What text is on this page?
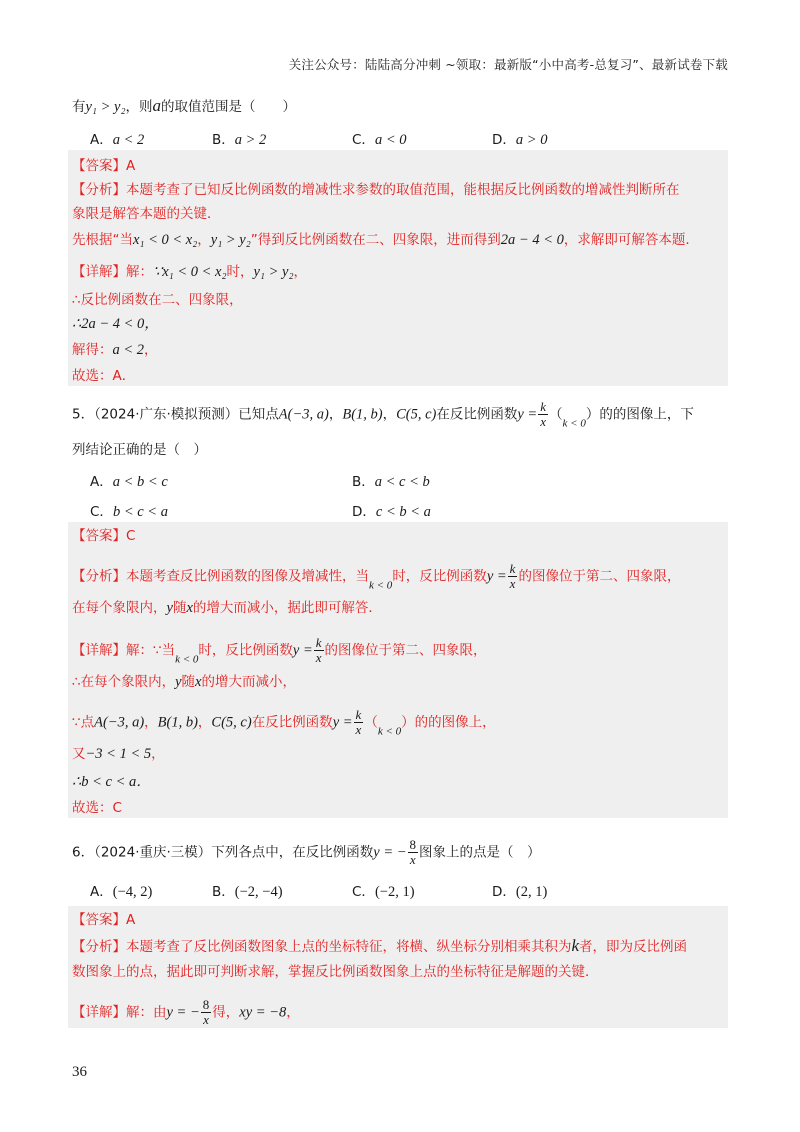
关注公众号：陆陆高分冲刺 ~领取：最新版“小中高考-总复习”、最新试卷下载
有y₁ > y₂，则a的取值范围是（　　）
A．a < 2	B．a > 2	C．a < 0	D．a > 0
【答案】A
【分析】本题考查了已知反比例函数的增减性求参数的取值范围，能根据反比例函数的增减性判断所在
象限是解答本题的关键．
先根据“当x₁ < 0 < x₂，y₁ > y₂”得到反比例函数在二、四象限，进而得到2a − 4 < 0，求解即可解答本题．
【详解】解：∵x₁ < 0 < x₂时，y₁ > y₂，
∴反比例函数在二、四象限，
∴2a − 4 < 0，
解得：a < 2，
故选：A．
5．（2024·广东·模拟预测）已知点A(−3, a)，B(1, b)，C(5, c)在反比例函数$y = \frac{k}{x} (_{k < 0})$的的图像上，下
列结论正确的是（　）
A．a < b < c	B．a < c < b
C．b < c < a	D．c < b < a
【答案】C
【分析】本题考查反比例函数的图像及增减性，当$_{k < 0}$时，反比例函数$y = \frac{k}{x}$ 的图像位于第二、四象限，
在每个象限内，y随x的增大而减小，据此即可解答．
【详解】解：∵当$_{k < 0}$时，反比例函数$y = \frac{k}{x}$ 的图像位于第二、四象限，
∴在每个象限内，y随x的增大而减小，
∵点A(−3, a)，B(1, b)，C(5, c)在反比例函数$y = \frac{k}{x} (_{k < 0})$的的图像上，
又−3 < 1 < 5，
∴b < c < a．
故选：C
6．（2024·重庆·三模）下列各点中，在反比例函数y = − $\frac{8}{x}$ 图象上的点是（　）
A．(−4, 2)	B．(−2, −4)	C．(−2, 1)	D．(2, 1)
【答案】A
【分析】本题考查了反比例函数图象上点的坐标特征，将横、纵坐标分别相乘其积为k者，即为反比例函
数图象上的点，据此即可判断求解，掌握反比例函数图象上点的坐标特征是解题的关键．
【详解】解：由y = − $\frac{8}{x}$ 得，xy = −8，
36
